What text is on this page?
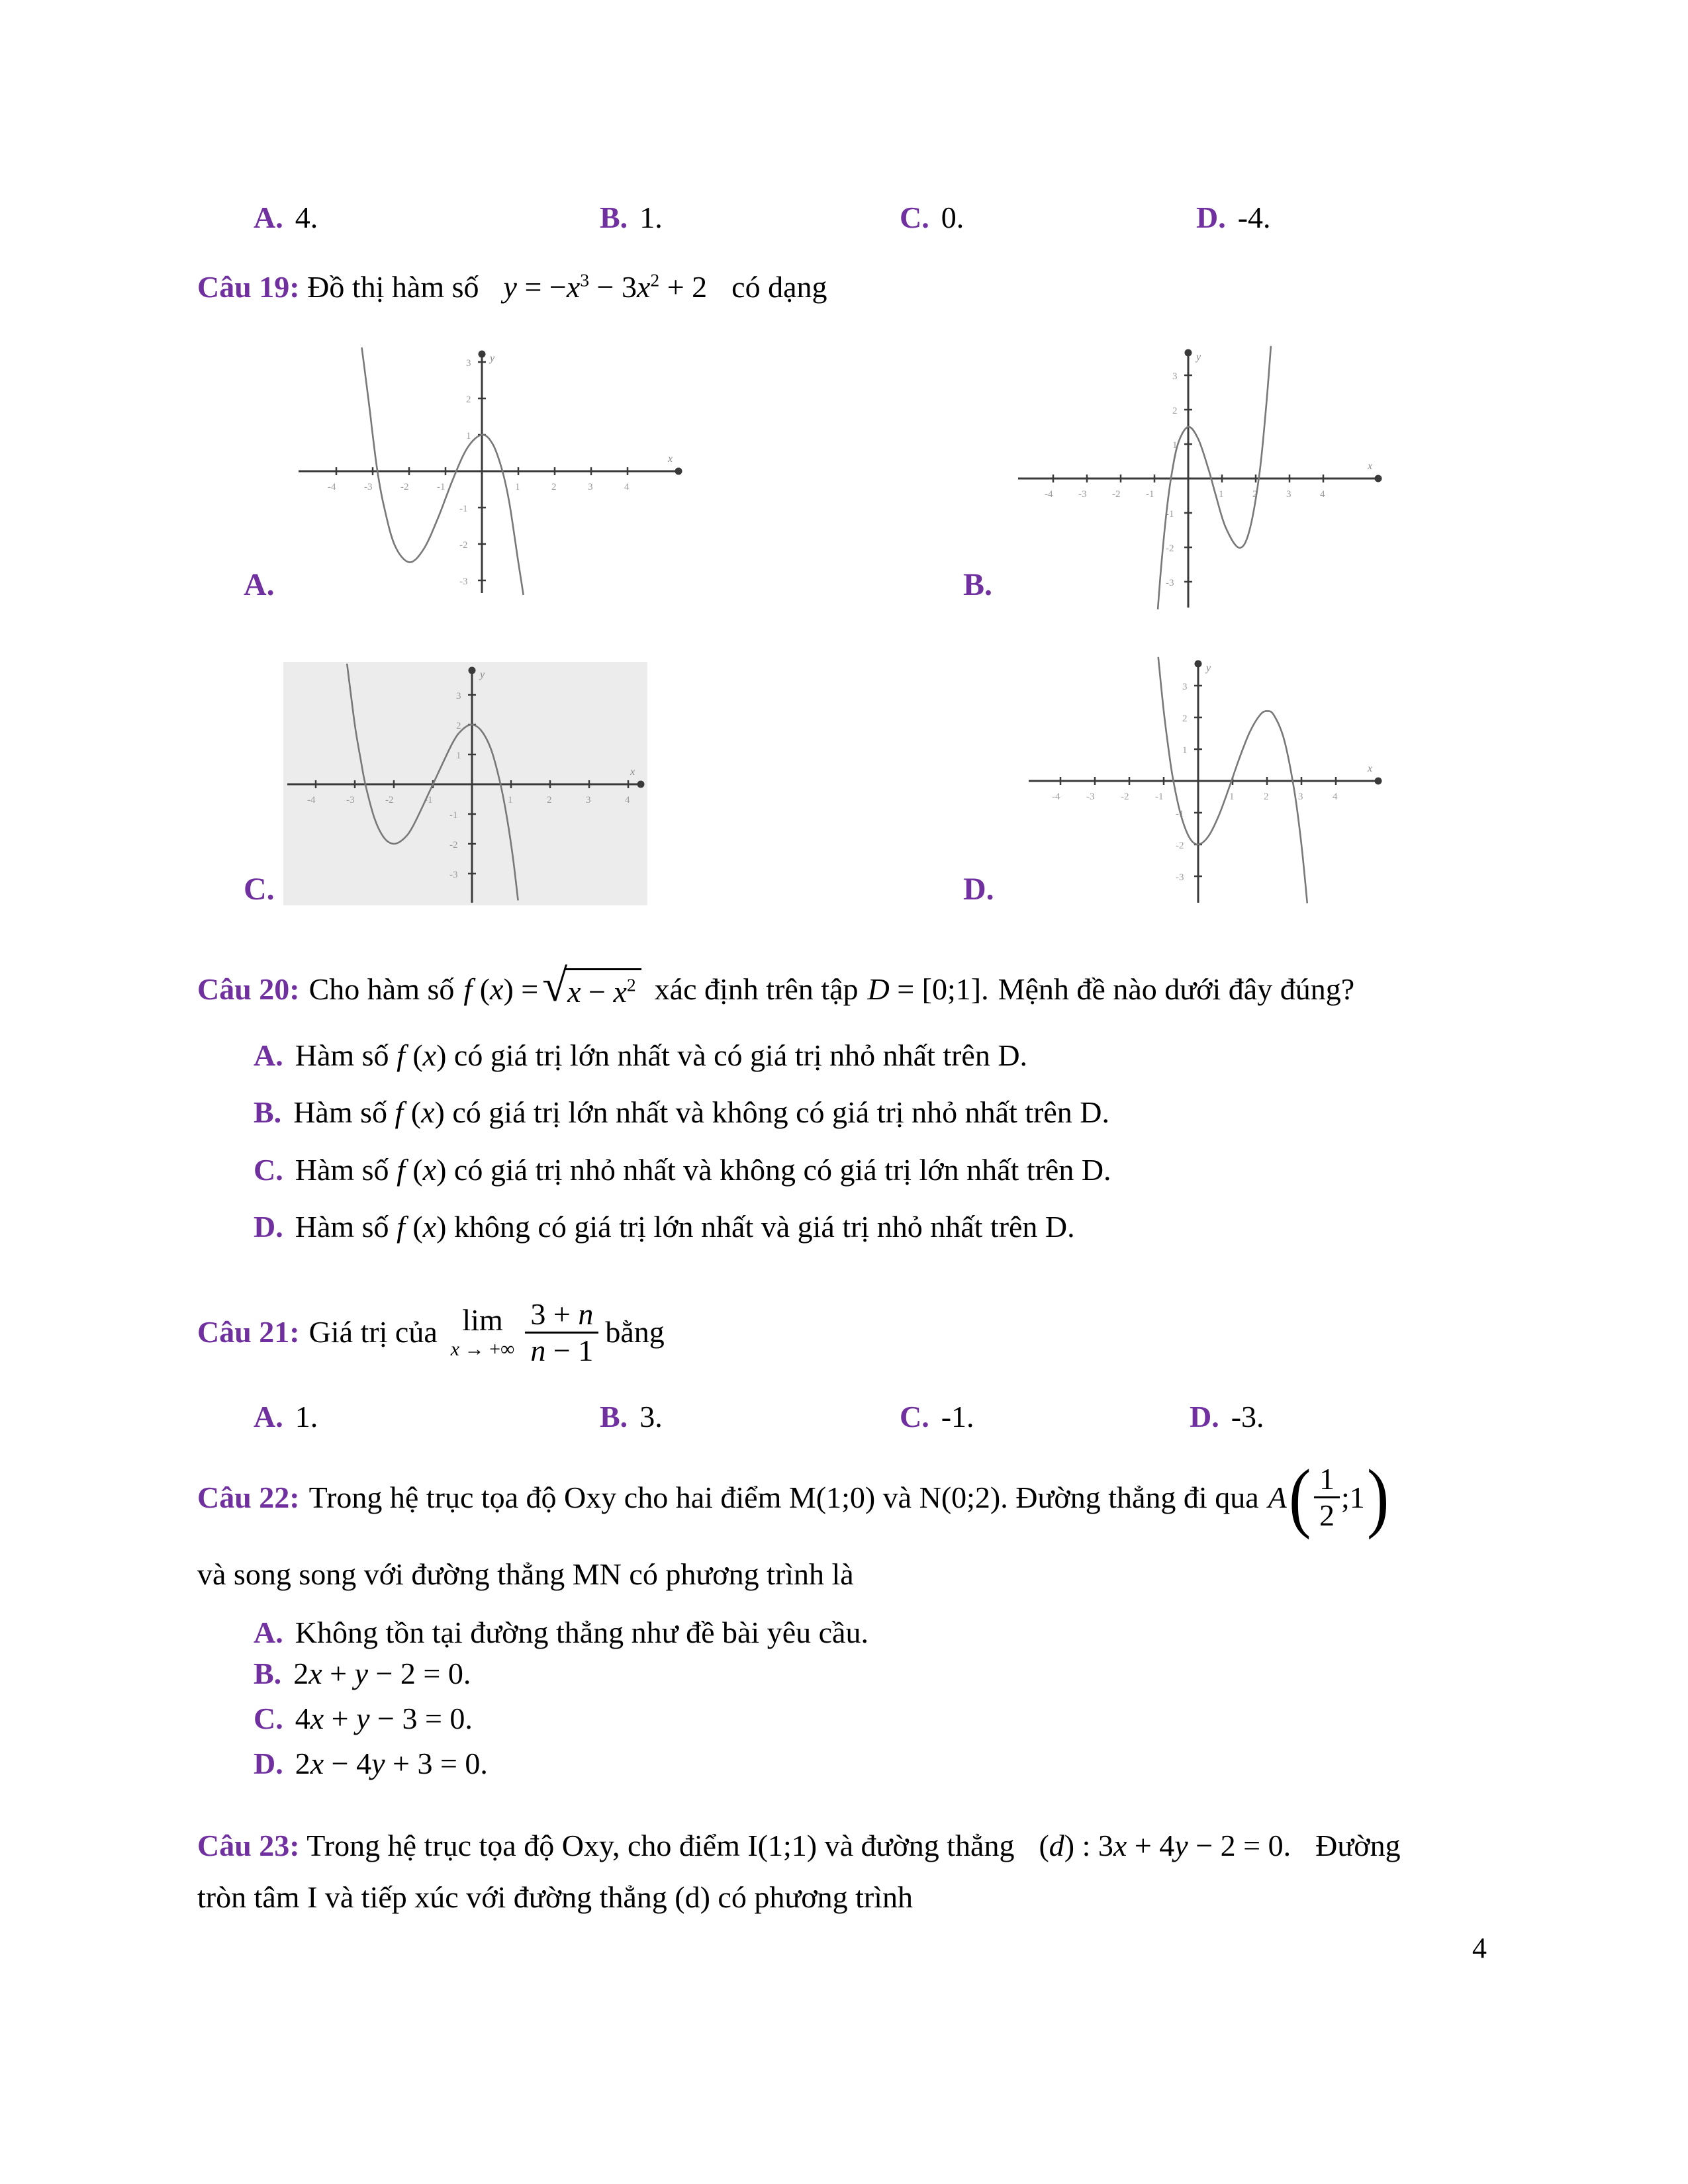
A. 4.	B. 1.	C. 0.	D. -4.
Câu 19: Đồ thị hàm số $y = -x^3 - 3x^2 + 2$ có dạng
x
y
-4	-3	-2	-1	1	2	3	4
-3
-2
-1
1
2
3
x
y
-4	-3	-2	-1	1	2	3	4
-3
-2
-1
1
2
3
x
y
-4	-3	-2	-1	1	2	3	4
-3
-2
-1
1
2
3
x
y
-4	-3	-2	-1	1	2	3	4
-3
-2
-1
1
2
3
A.	B.
C.	D.
Câu 20: Cho hàm số f (x) = √ $x - x^2$ xác định trên tập D = [0;1]. Mệnh đề nào dưới đây đúng?
A. Hàm số f (x) có giá trị lớn nhất và có giá trị nhỏ nhất trên D.
B. Hàm số f (x) có giá trị lớn nhất và không có giá trị nhỏ nhất trên D.
C. Hàm số f (x) có giá trị nhỏ nhất và không có giá trị lớn nhất trên D.
D. Hàm số f (x) không có giá trị lớn nhất và giá trị nhỏ nhất trên D.
Câu 21: Giá trị của lim
x → +∞ $\frac{3 + n}{n - 1}$ bằng
A. 1.	B. 3.	C. -1.	D. -3.
Câu 22: Trong hệ trục tọa độ Oxy cho hai điểm M(1;0) và N(0;2). Đường thẳng đi qua A ( $\frac{1}{2}$ ;1 )
và song song với đường thẳng MN có phương trình là
A. Không tồn tại đường thẳng như đề bài yêu cầu.
B. 2x + y − 2 = 0.
C. 4x + y − 3 = 0.
D. 2x − 4y + 3 = 0.
Câu 23: Trong hệ trục tọa độ Oxy, cho điểm I(1;1) và đường thẳng (d) : 3x + 4y − 2 = 0. Đường
tròn tâm I và tiếp xúc với đường thẳng (d) có phương trình
4
